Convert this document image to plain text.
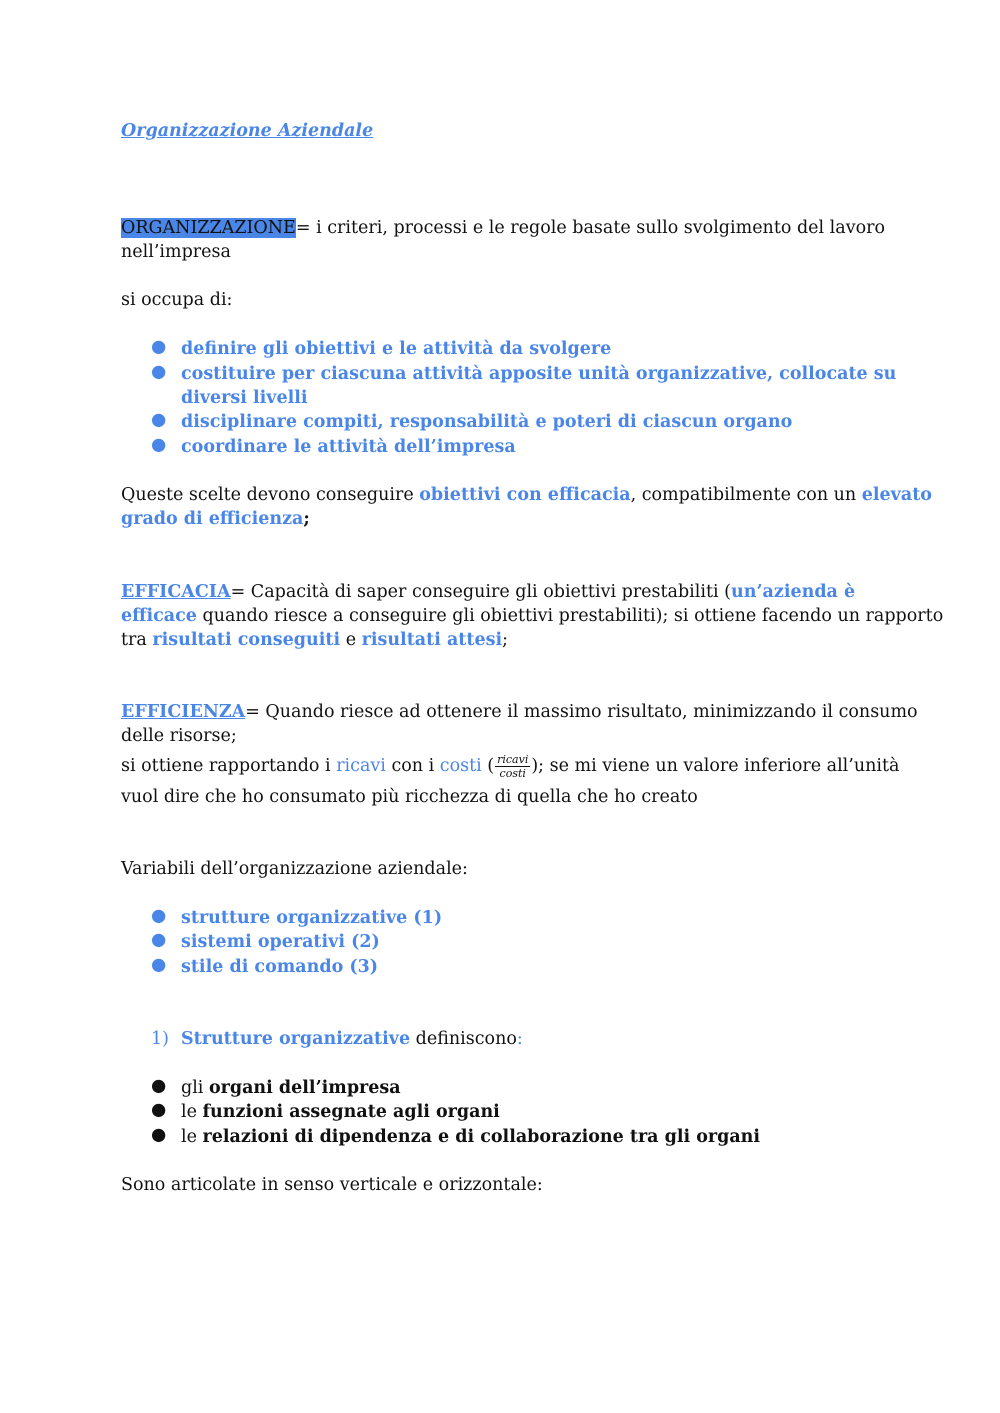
Organizzazione Aziendale
ORGANIZZAZIONE= i criteri, processi e le regole basate sullo svolgimento del lavoro
nell’impresa
si occupa di:
● definire gli obiettivi e le attività da svolgere
● costituire per ciascuna attività apposite unità organizzative, collocate su
diversi livelli
● disciplinare compiti, responsabilità e poteri di ciascun organo
● coordinare le attività dell’impresa
Queste scelte devono conseguire obiettivi con efficacia, compatibilmente con un elevato
grado di efficienza;
EFFICACIA= Capacità di saper conseguire gli obiettivi prestabiliti (un’azienda è
efficace quando riesce a conseguire gli obiettivi prestabiliti); si ottiene facendo un rapporto
tra risultati conseguiti e risultati attesi;
EFFICIENZA= Quando riesce ad ottenere il massimo risultato, minimizzando il consumo
delle risorse;
si ottiene rapportando i ricavi con i costi ( $\frac{\text{ricavi}}{\text{costi}}$ ); se mi viene un valore inferiore all’unità
vuol dire che ho consumato più ricchezza di quella che ho creato
Variabili dell’organizzazione aziendale:
● strutture organizzative (1)
● sistemi operativi (2)
● stile di comando (3)
1) Strutture organizzative definiscono:
● gli organi dell’impresa
● le funzioni assegnate agli organi
● le relazioni di dipendenza e di collaborazione tra gli organi
Sono articolate in senso verticale e orizzontale:
